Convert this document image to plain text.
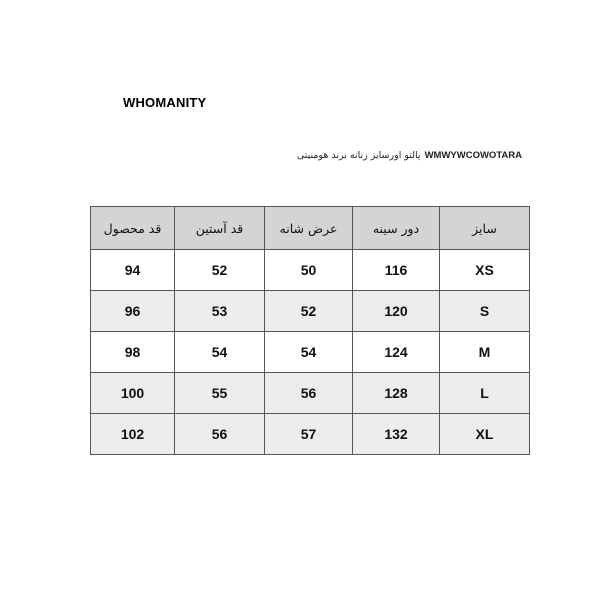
WHOMANITY
پالتو اورسایز زنانه برند هومنیتی WMWYWCOWOTARA
قد محصول	قد آستین	عرض شانه	دور سینه	سایز
94	52	50	116	XS
96	53	52	120	S
98	54	54	124	M
100	55	56	128	L
102	56	57	132	XL
